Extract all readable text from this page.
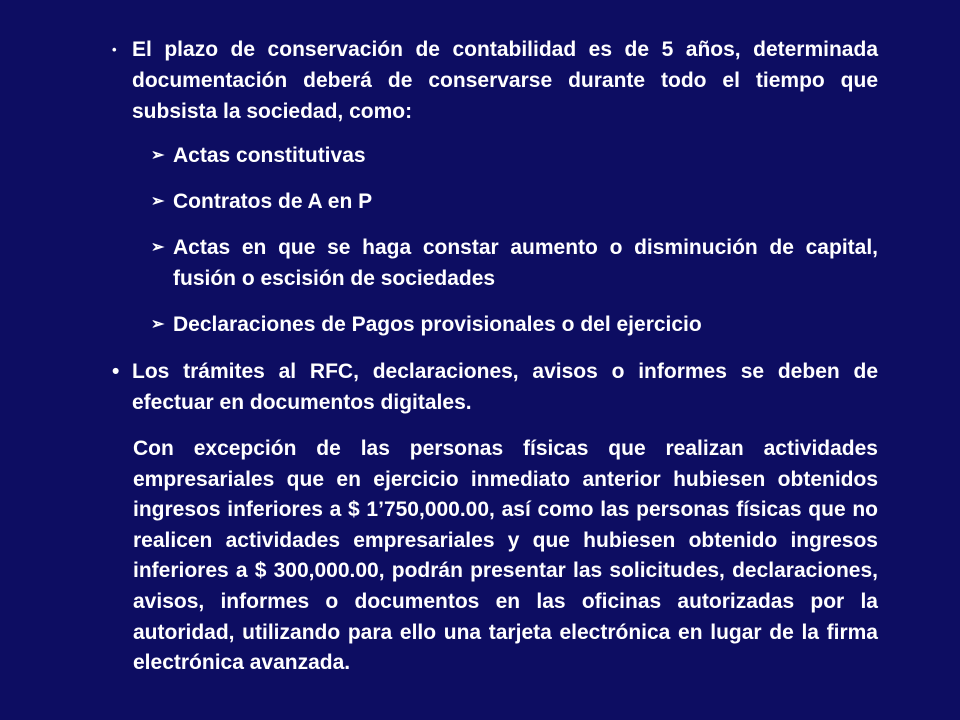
• El plazo de conservación de contabilidad es de 5 años, determinada documentación deberá de conservarse durante todo el tiempo que subsista la sociedad, como:
➢ Actas constitutivas
➢ Contratos de A en P
➢ Actas en que se haga constar aumento o disminución de capital, fusión o escisión de sociedades
➢ Declaraciones de Pagos provisionales o del ejercicio
• Los trámites al RFC, declaraciones, avisos o informes se deben de efectuar en documentos digitales.
Con excepción de las personas físicas que realizan actividades empresariales que en ejercicio inmediato anterior hubiesen obtenidos ingresos inferiores a $ 1’750,000.00, así como las personas físicas que no realicen actividades empresariales y que hubiesen obtenido ingresos inferiores a $ 300,000.00, podrán presentar las solicitudes, declaraciones, avisos, informes o documentos en las oficinas autorizadas por la autoridad, utilizando para ello una tarjeta electrónica en lugar de la firma electrónica avanzada.
